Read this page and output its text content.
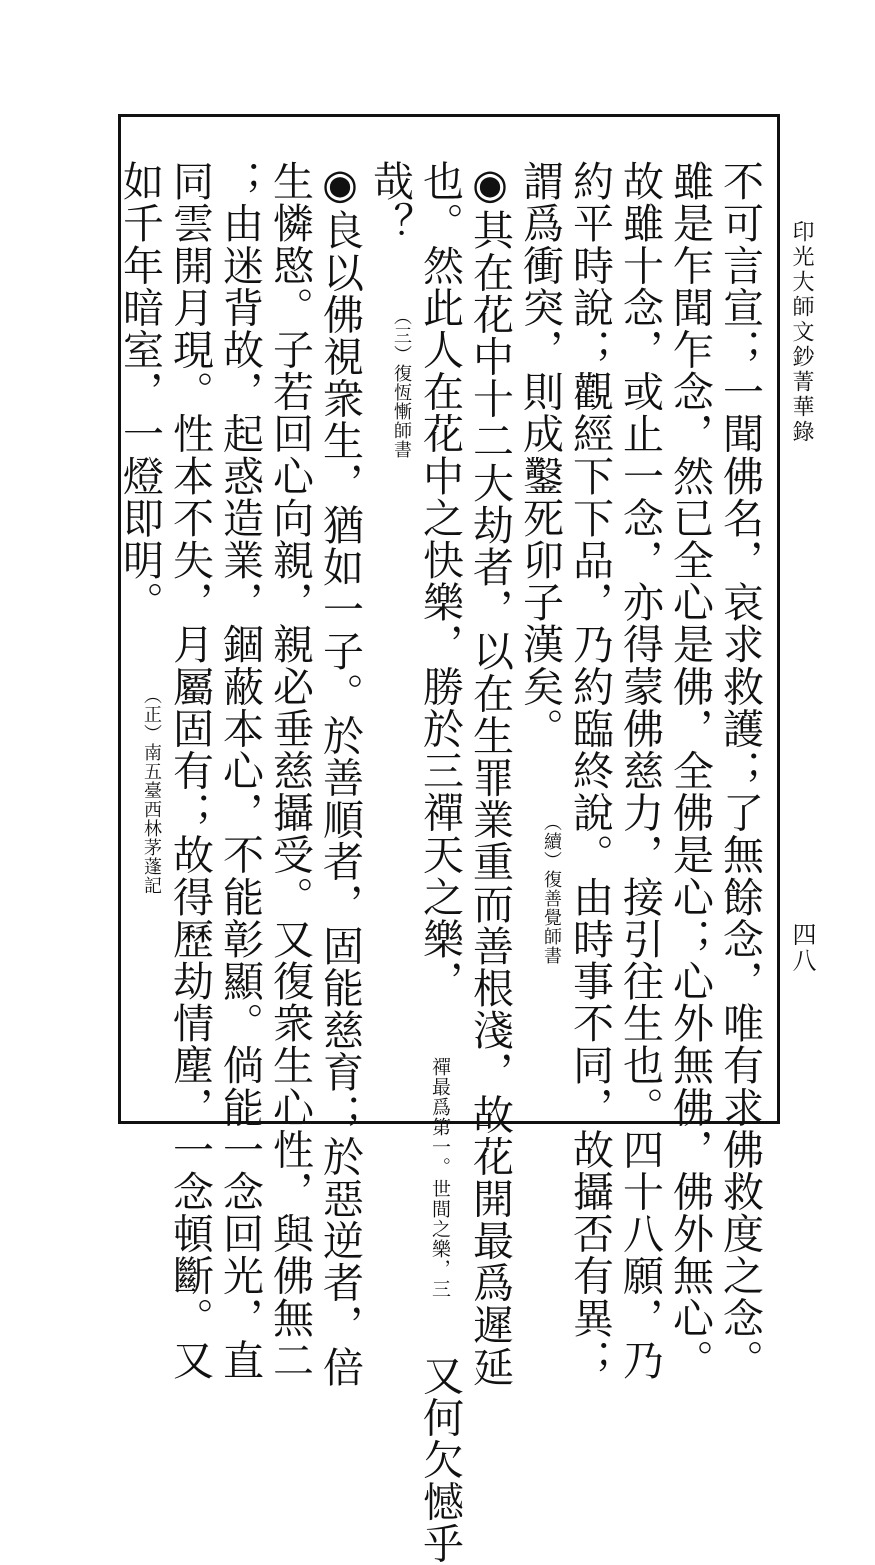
印光大師文鈔菁華錄
四八
不可言宣；一聞佛名，哀求救護；了無餘念，唯有求佛救度之念。
雖是乍聞乍念，然已全心是佛，全佛是心；心外無佛，佛外無心。
故雖十念，或止一念，亦得蒙佛慈力，接引往生也。四十八願，乃
約平時說；觀經下下品，乃約臨終說。由時事不同，故攝否有異；
謂爲衝突，則成鑿死卯子漢矣。 （續）復善覺師書
◉其在花中十二大劫者，以在生罪業重而善根淺，故花開最爲遲延
也。然此人在花中之快樂，勝於三禪天之樂，
世間之樂，三
禪最爲第一。
又何欠憾乎
哉？ （三）復恆慚師書
◉良以佛視衆生，猶如一子。於善順者，固能慈育；於惡逆者，倍
生憐愍。子若回心向親，親必垂慈攝受。又復衆生心性，與佛無二
；由迷背故，起惑造業，錮蔽本心，不能彰顯。倘能一念回光，直
同雲開月現。性本不失，月屬固有；故得歷劫情塵，一念頓斷。又
如千年暗室，一燈即明。 （正）南五臺西林茅蓬記
